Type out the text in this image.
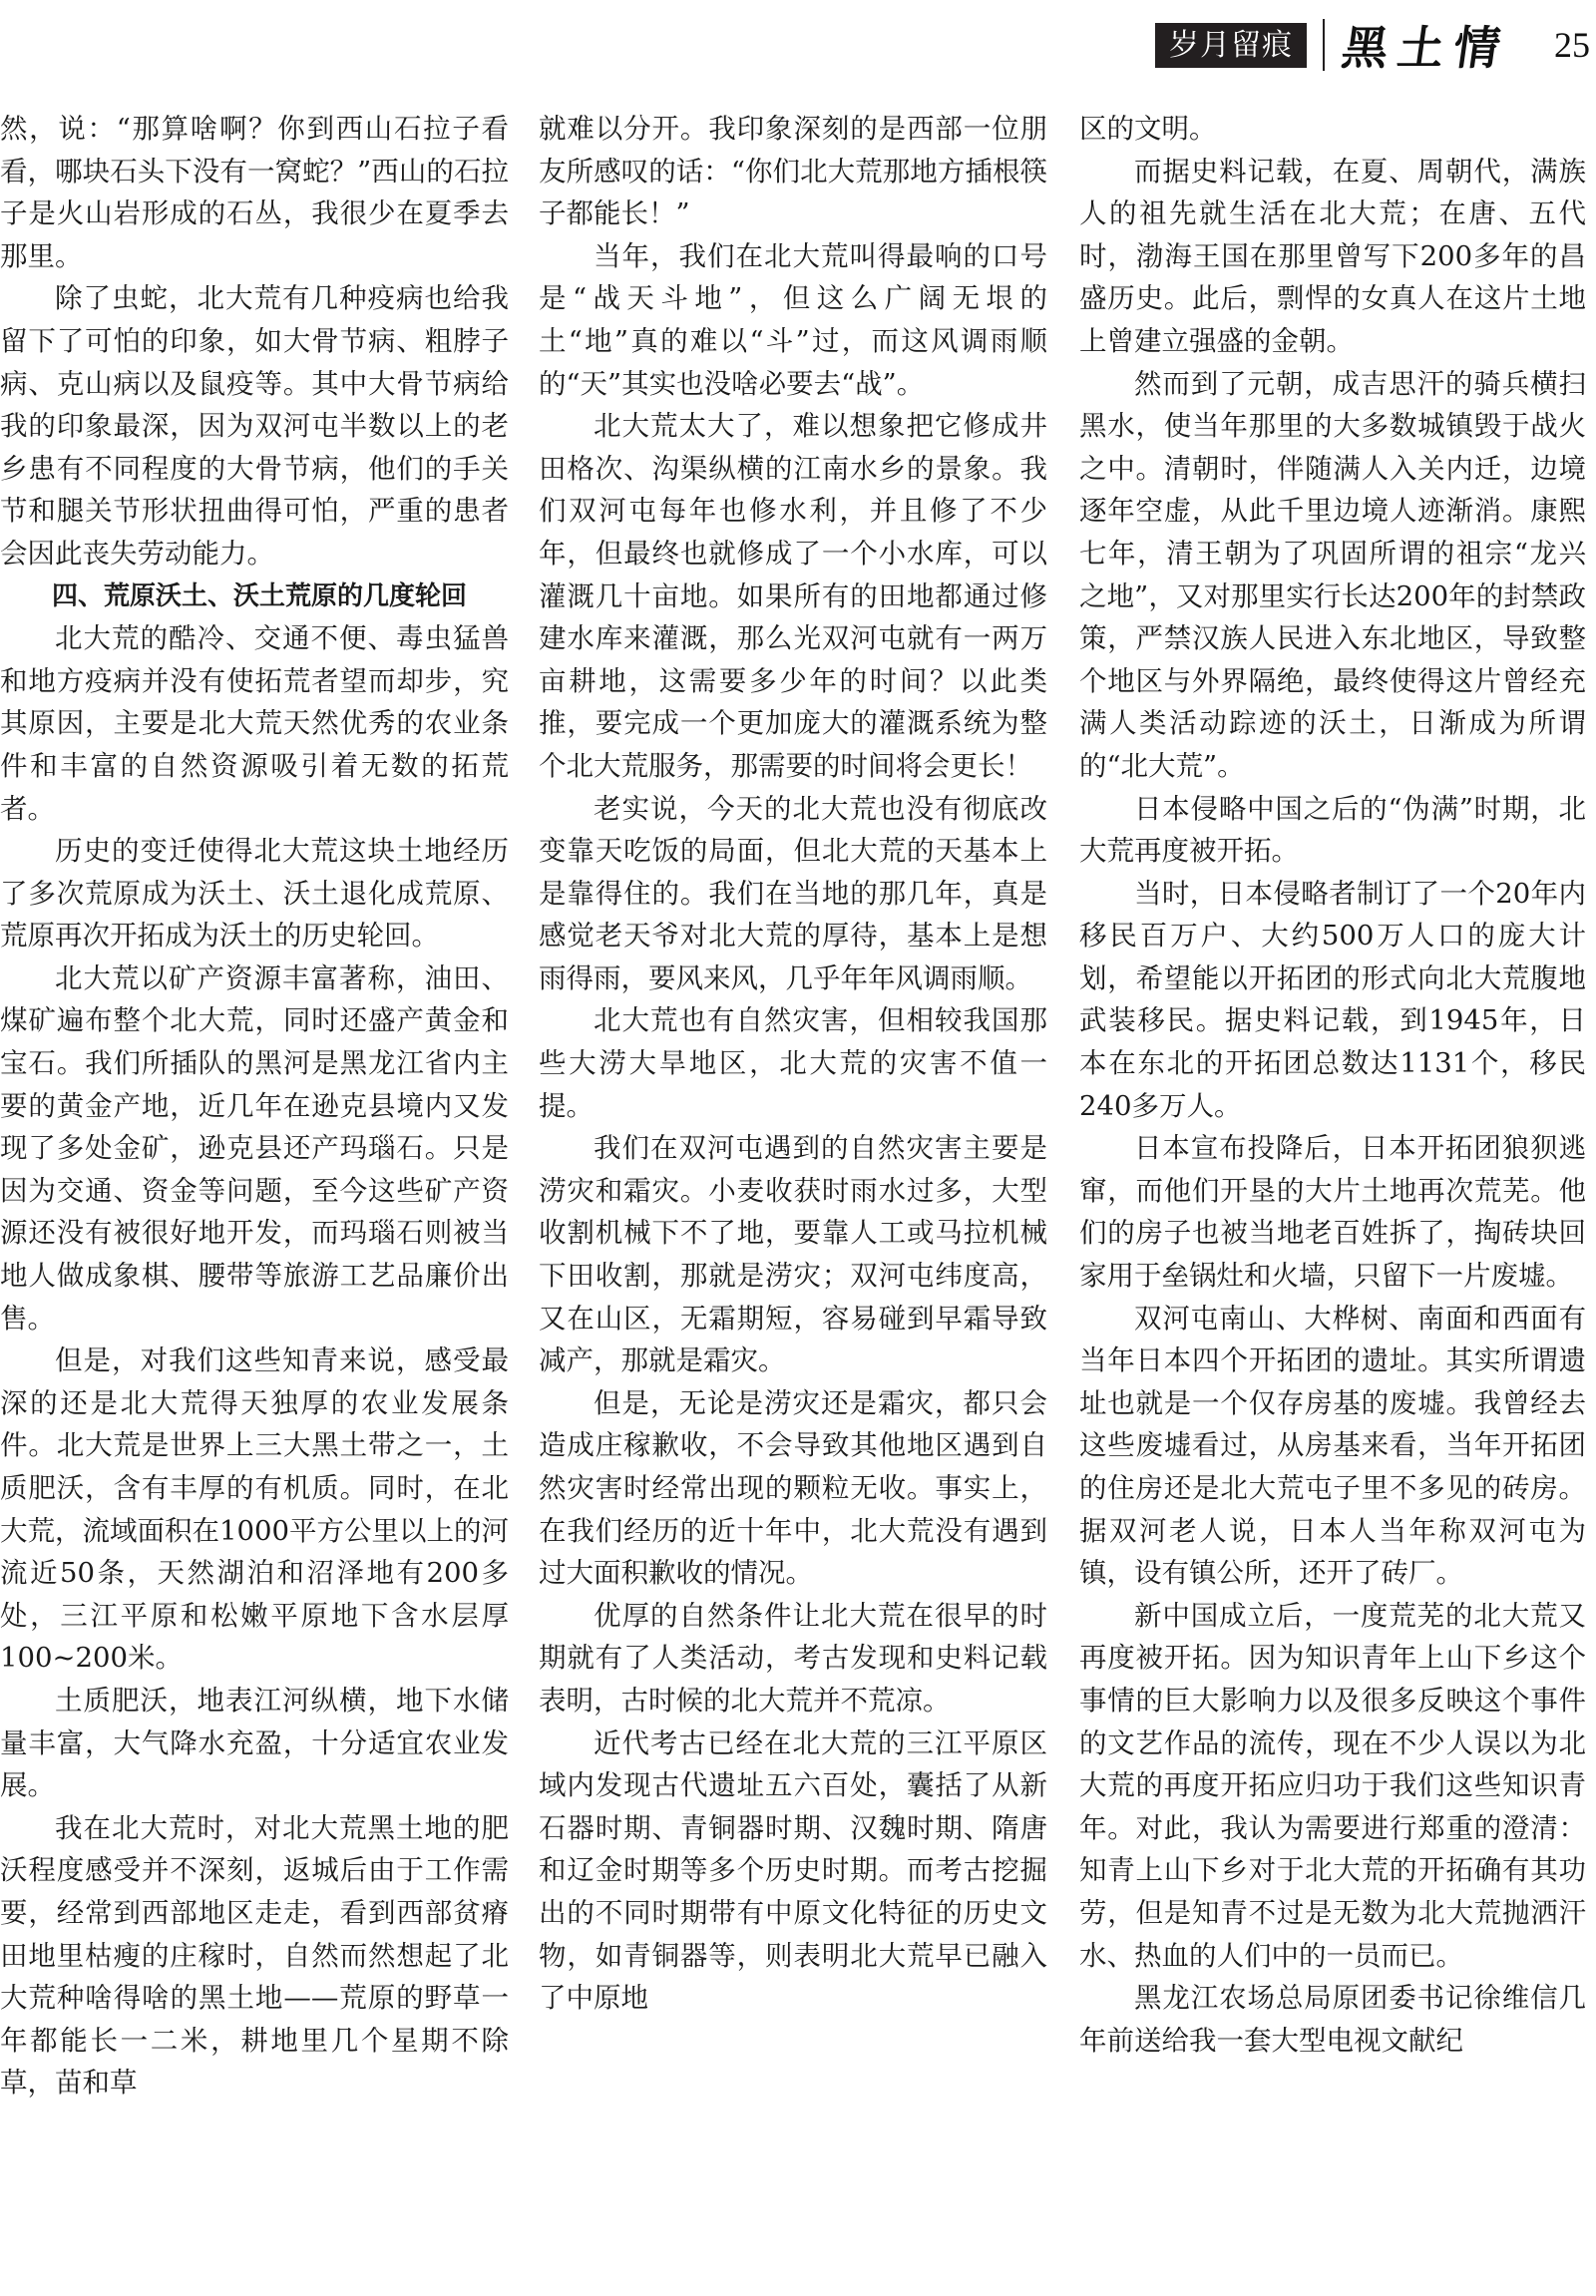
岁月留痕 黑土情 25

然，说：“那算啥啊？你到西山石拉子看看，哪块石头下没有一窝蛇？”西山的石拉子是火山岩形成的石丛，我很少在夏季去那里。

除了虫蛇，北大荒有几种疫病也给我留下了可怕的印象，如大骨节病、粗脖子病、克山病以及鼠疫等。其中大骨节病给我的印象最深，因为双河屯半数以上的老乡患有不同程度的大骨节病，他们的手关节和腿关节形状扭曲得可怕，严重的患者会因此丧失劳动能力。

四、荒原沃土、沃土荒原的几度轮回

北大荒的酷冷、交通不便、毒虫猛兽和地方疫病并没有使拓荒者望而却步，究其原因，主要是北大荒天然优秀的农业条件和丰富的自然资源吸引着无数的拓荒者。

历史的变迁使得北大荒这块土地经历了多次荒原成为沃土、沃土退化成荒原、荒原再次开拓成为沃土的历史轮回。

北大荒以矿产资源丰富著称，油田、煤矿遍布整个北大荒，同时还盛产黄金和宝石。我们所插队的黑河是黑龙江省内主要的黄金产地，近几年在逊克县境内又发现了多处金矿，逊克县还产玛瑙石。只是因为交通、资金等问题，至今这些矿产资源还没有被很好地开发，而玛瑙石则被当地人做成象棋、腰带等旅游工艺品廉价出售。

但是，对我们这些知青来说，感受最深的还是北大荒得天独厚的农业发展条件。北大荒是世界上三大黑土带之一，土质肥沃，含有丰厚的有机质。同时，在北大荒，流域面积在1000平方公里以上的河流近50条，天然湖泊和沼泽地有200多处，三江平原和松嫩平原地下含水层厚100~200米。

土质肥沃，地表江河纵横，地下水储量丰富，大气降水充盈，十分适宜农业发展。

我在北大荒时，对北大荒黑土地的肥沃程度感受并不深刻，返城后由于工作需要，经常到西部地区走走，看到西部贫瘠田地里枯瘦的庄稼时，自然而然想起了北大荒种啥得啥的黑土地——荒原的野草一年都能长一二米，耕地里几个星期不除草，苗和草

就难以分开。我印象深刻的是西部一位朋友所感叹的话：“你们北大荒那地方插根筷子都能长！”

当年，我们在北大荒叫得最响的口号是“战天斗地”，但这么广阔无垠的土“地”真的难以“斗”过，而这风调雨顺的“天”其实也没啥必要去“战”。

北大荒太大了，难以想象把它修成井田格次、沟渠纵横的江南水乡的景象。我们双河屯每年也修水利，并且修了不少年，但最终也就修成了一个小水库，可以灌溉几十亩地。如果所有的田地都通过修建水库来灌溉，那么光双河屯就有一两万亩耕地，这需要多少年的时间？以此类推，要完成一个更加庞大的灌溉系统为整个北大荒服务，那需要的时间将会更长！

老实说，今天的北大荒也没有彻底改变靠天吃饭的局面，但北大荒的天基本上是靠得住的。我们在当地的那几年，真是感觉老天爷对北大荒的厚待，基本上是想雨得雨，要风来风，几乎年年风调雨顺。

北大荒也有自然灾害，但相较我国那些大涝大旱地区，北大荒的灾害不值一提。

我们在双河屯遇到的自然灾害主要是涝灾和霜灾。小麦收获时雨水过多，大型收割机械下不了地，要靠人工或马拉机械下田收割，那就是涝灾；双河屯纬度高，又在山区，无霜期短，容易碰到早霜导致减产，那就是霜灾。

但是，无论是涝灾还是霜灾，都只会造成庄稼歉收，不会导致其他地区遇到自然灾害时经常出现的颗粒无收。事实上，在我们经历的近十年中，北大荒没有遇到过大面积歉收的情况。

优厚的自然条件让北大荒在很早的时期就有了人类活动，考古发现和史料记载表明，古时候的北大荒并不荒凉。

近代考古已经在北大荒的三江平原区域内发现古代遗址五六百处，囊括了从新石器时期、青铜器时期、汉魏时期、隋唐和辽金时期等多个历史时期。而考古挖掘出的不同时期带有中原文化特征的历史文物，如青铜器等，则表明北大荒早已融入了中原地

区的文明。

而据史料记载，在夏、周朝代，满族人的祖先就生活在北大荒；在唐、五代时，渤海王国在那里曾写下200多年的昌盛历史。此后，剽悍的女真人在这片土地上曾建立强盛的金朝。

然而到了元朝，成吉思汗的骑兵横扫黑水，使当年那里的大多数城镇毁于战火之中。清朝时，伴随满人入关内迁，边境逐年空虚，从此千里边境人迹渐消。康熙七年，清王朝为了巩固所谓的祖宗“龙兴之地”，又对那里实行长达200年的封禁政策，严禁汉族人民进入东北地区，导致整个地区与外界隔绝，最终使得这片曾经充满人类活动踪迹的沃土，日渐成为所谓的“北大荒”。

日本侵略中国之后的“伪满”时期，北大荒再度被开拓。

当时，日本侵略者制订了一个20年内移民百万户、大约500万人口的庞大计划，希望能以开拓团的形式向北大荒腹地武装移民。据史料记载，到1945年，日本在东北的开拓团总数达1131个，移民240多万人。

日本宣布投降后，日本开拓团狼狈逃窜，而他们开垦的大片土地再次荒芜。他们的房子也被当地老百姓拆了，掏砖块回家用于垒锅灶和火墙，只留下一片废墟。

双河屯南山、大桦树、南面和西面有当年日本四个开拓团的遗址。其实所谓遗址也就是一个仅存房基的废墟。我曾经去这些废墟看过，从房基来看，当年开拓团的住房还是北大荒屯子里不多见的砖房。据双河老人说，日本人当年称双河屯为镇，设有镇公所，还开了砖厂。

新中国成立后，一度荒芜的北大荒又再度被开拓。因为知识青年上山下乡这个事情的巨大影响力以及很多反映这个事件的文艺作品的流传，现在不少人误以为北大荒的再度开拓应归功于我们这些知识青年。对此，我认为需要进行郑重的澄清：知青上山下乡对于北大荒的开拓确有其功劳，但是知青不过是无数为北大荒抛洒汗水、热血的人们中的一员而已。

黑龙江农场总局原团委书记徐维信几年前送给我一套大型电视文献纪
